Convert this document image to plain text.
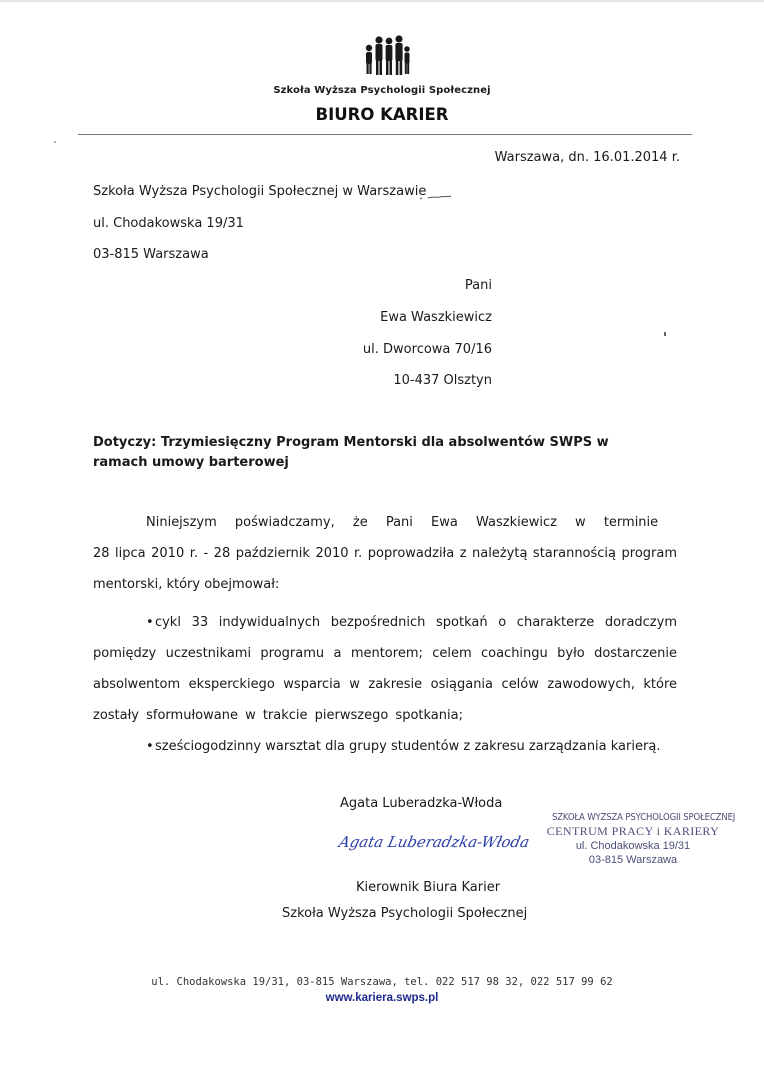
Szkoła Wyższa Psychologii Społecznej
BIURO KARIER
Warszawa, dn. 16.01.2014 r.
Szkoła Wyższa Psychologii Społecznej w Warszawie
ul. Chodakowska 19/31
03-815 Warszawa
Pani
Ewa Waszkiewicz
ul. Dworcowa 70/16
10-437 Olsztyn
Dotyczy: Trzymiesięczny Program Mentorski dla absolwentów SWPS w ramach umowy barterowej
Niniejszym poświadczamy, że Pani Ewa Waszkiewicz w terminie
28 lipca 2010 r. - 28 październik 2010 r. poprowadziła z należytą starannością program mentorski, który obejmował:
• cykl 33 indywidualnych bezpośrednich spotkań o charakterze doradczym pomiędzy uczestnikami programu a mentorem; celem coachingu było dostarczenie absolwentom eksperckiego wsparcia w zakresie osiągania celów zawodowych, które zostały sformułowane w trakcie pierwszego spotkania;
• sześciogodzinny warsztat dla grupy studentów z zakresu zarządzania karierą.
Agata Luberadzka-Włoda
Agata Luberadzka-Włoda
SZKOŁA WYŻSZA PSYCHOLOGII SPOŁECZNEJ
CENTRUM PRACY i KARIERY
ul. Chodakowska 19/31
03-815 Warszawa
Kierownik Biura Karier
Szkoła Wyższa Psychologii Społecznej
ul. Chodakowska 19/31, 03-815 Warszawa, tel. 022 517 98 32, 022 517 99 62
www.kariera.swps.pl
